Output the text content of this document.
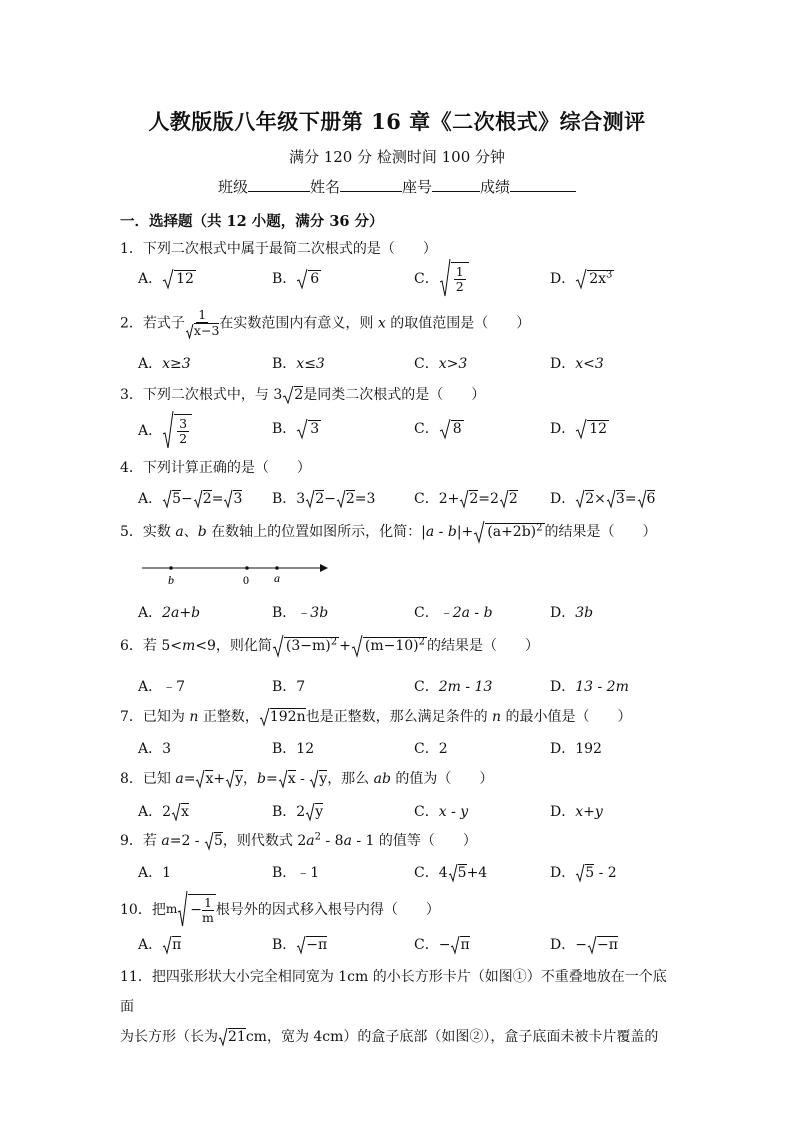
人教版版八年级下册第 16 章《二次根式》综合测评
满分 120 分 检测时间 100 分钟
班级	姓名	座号	成绩
一．选择题（共 12 小题，满分 36 分）
1．下列二次根式中属于最简二次根式的是（　　）
A． 12	B． 6	C． $\frac{1}{2}$	D． $2x^3$
2．若式子 $\frac{1}{x-3}$ 在实数范围内有意义，则 x 的取值范围是（　　）
A．x≥3	B．x≤3	C．x>3	D．x<3
3．下列二次根式中，与 3 2是同类二次根式的是（　　）
A． $\frac{3}{2}$	B． 3	C． 8	D． 12
4．下列计算正确的是（　　）
A． 5− 2= 3 B．3 2− 2=3	C．2+ 2=2 2 D． 2× 3= 6
5．实数 a、b 在数轴上的位置如图所示，化简：$|a - b|+ (a+2b)^2$ 的结果是（　　）
b	0 a
A．2a+b	B．﹣3b	C．﹣2a - b	D．3b
6．若 5<m<9，则化简 $(3-m)^2 + (m-10)^2$ 的结果是（　　）
A．﹣7	B．7	C．2m - 13	D．13 - 2m
7．已知为 n 正整数， 192n也是正整数，那么满足条件的 n 的最小值是（　　）
A．3	B．12	C．2	D．192
8．已知 a= x+ y，b= x -
y，那么 ab 的值为（　　）
A．2 x	B．2 y	C．x - y	D．x+y
9．若 a=2 -
5，则代数式 $2a^2 - 8a - 1$ 的值等（　　）
A．1	B．﹣1	C．4 5+4	D． 5 - 2
10．把$m - \frac{1}{m}$ 根号外的因式移入根号内得（　　）
A． π	B． −π	C．− π	D．− −π
11．把四张形状大小完全相同宽为 1cm 的小长方形卡片（如图①）不重叠地放在一个底面
为长方形（长为 21cm，宽为 4cm）的盒子底部（如图②），盒子底面未被卡片覆盖的
